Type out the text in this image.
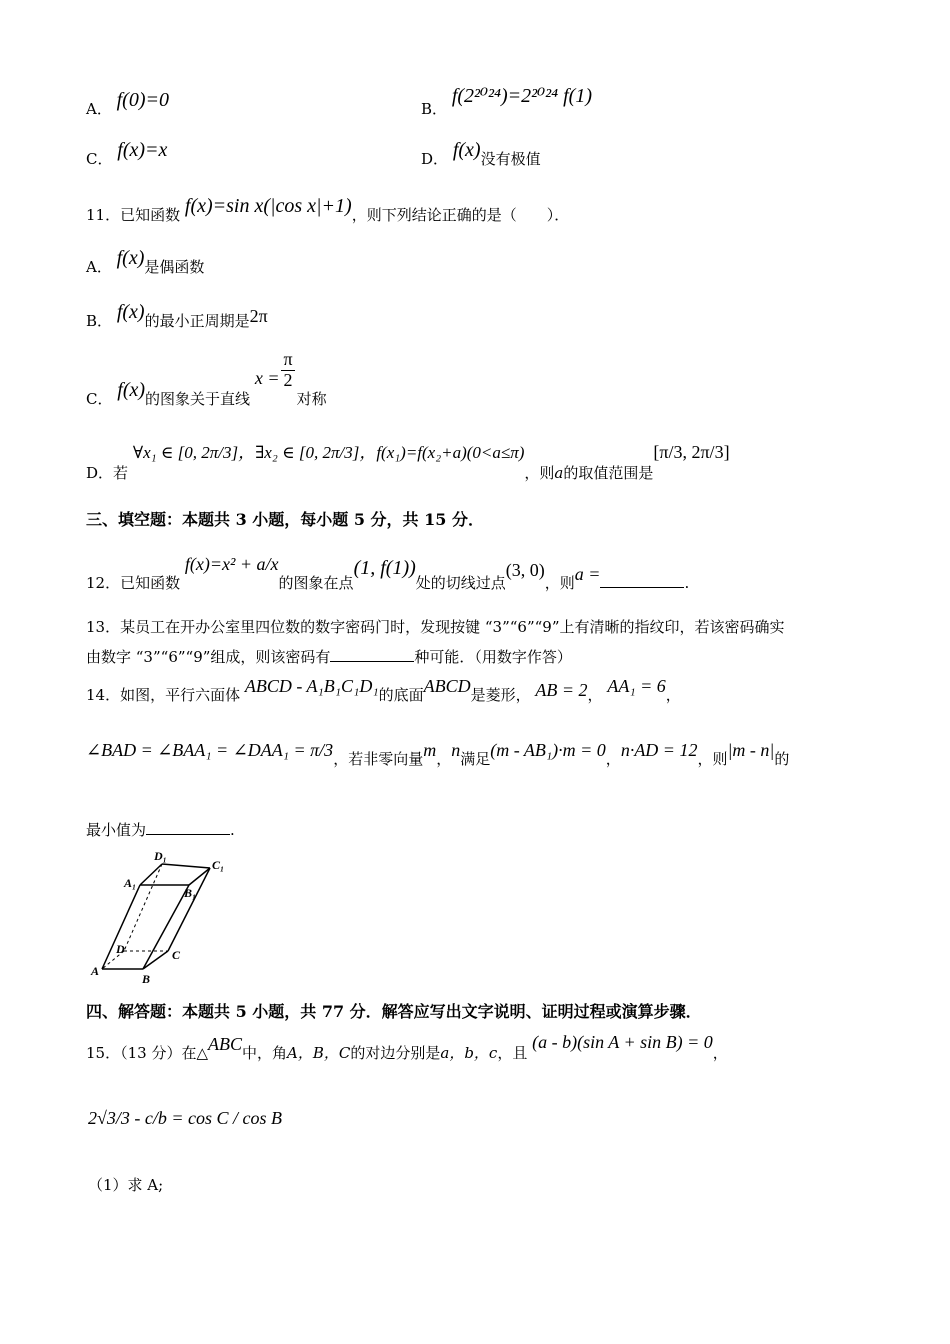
A． f(0)=0	B． f(2²⁰²⁴)=2²⁰²⁴ f(1)
C． f(x)=x	D． f(x)没有极值
11．已知函数 f(x)=sin x(|cos x|+1)，则下列结论正确的是（　　）．
A． f(x)是偶函数
B． f(x)的最小正周期是2π
C． f(x)的图象关于直线 $x = \frac{\pi}{2}$
对称
D．若 ∀x₁ ∈ [0, 2π/3]，∃x₂ ∈ [0, 2π/3]，f(x₁)=f(x₂+a)(0<a≤π)，则a的取值范围是[π/3, 2π/3]
三、填空题：本题共 3 小题，每小题 5 分，共 15 分．
12．已知函数 f(x)=x² + a/x的图象在点(1, f(1))处的切线过点(3, 0)，则a =	.
13．某员工在开办公室里四位数的数字密码门时，发现按键 “3”“6”“9”上有清晰的指纹印，若该密码确实
由数字 “3”“6”“9”组成，则该密码有	种可能．（用数字作答）
14．如图，平行六面体 ABCD - A₁B₁C₁D₁的底面ABCD是菱形， AB = 2， AA₁ = 6，
∠BAD = ∠BAA₁ = ∠DAA₁ = π/3，若非零向量m，n满足(m - AB₁)·m = 0，n·AD = 12，则|m - n|的
最小值为	.
D₁
C₁
A₁
B₁
D	C
A
B
四、解答题：本题共 5 小题，共 77 分．解答应写出文字说明、证明过程或演算步骤．
15．（13 分）在△ABC中，角A，B，C的对边分别是a，b，c，且 (a - b)(sin A + sin B) = 0，
2√3/3 - c/b = cos C / cos B
（1）求 A;
